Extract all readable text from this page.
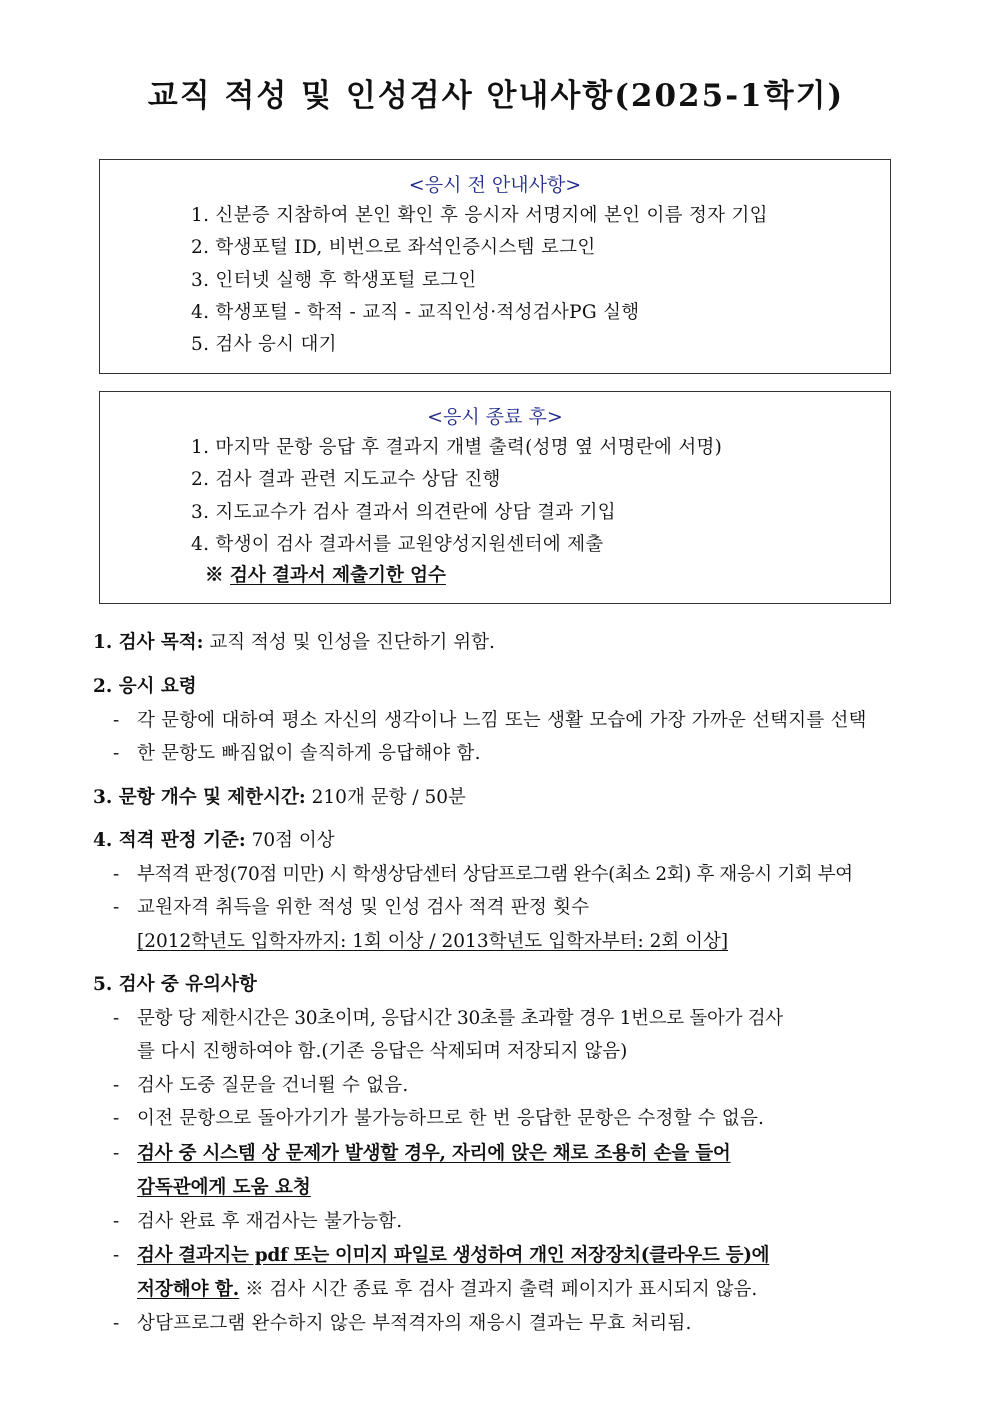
교직 적성 및 인성검사 안내사항(2025-1학기)
<응시 전 안내사항>
1. 신분증 지참하여 본인 확인 후 응시자 서명지에 본인 이름 정자 기입
2. 학생포털 ID, 비번으로 좌석인증시스템 로그인
3. 인터넷 실행 후 학생포털 로그인
4. 학생포털 - 학적 - 교직 - 교직인성·적성검사PG 실행
5. 검사 응시 대기
<응시 종료 후>
1. 마지막 문항 응답 후 결과지 개별 출력(성명 옆 서명란에 서명)
2. 검사 결과 관련 지도교수 상담 진행
3. 지도교수가 검사 결과서 의견란에 상담 결과 기입
4. 학생이 검사 결과서를 교원양성지원센터에 제출
※ 검사 결과서 제출기한 엄수
1. 검사 목적: 교직 적성 및 인성을 진단하기 위함.
2. 응시 요령
- 각 문항에 대하여 평소 자신의 생각이나 느낌 또는 생활 모습에 가장 가까운 선택지를 선택
- 한 문항도 빠짐없이 솔직하게 응답해야 함.
3. 문항 개수 및 제한시간: 210개 문항 / 50분
4. 적격 판정 기준: 70점 이상
- 부적격 판정(70점 미만) 시 학생상담센터 상담프로그램 완수(최소 2회) 후 재응시 기회 부여
- 교원자격 취득을 위한 적성 및 인성 검사 적격 판정 횟수
[2012학년도 입학자까지: 1회 이상 / 2013학년도 입학자부터: 2회 이상]
5. 검사 중 유의사항
- 문항 당 제한시간은 30초이며, 응답시간 30초를 초과할 경우 1번으로 돌아가 검사
를 다시 진행하여야 함.(기존 응답은 삭제되며 저장되지 않음)
- 검사 도중 질문을 건너뛸 수 없음.
- 이전 문항으로 돌아가기가 불가능하므로 한 번 응답한 문항은 수정할 수 없음.
- 검사 중 시스템 상 문제가 발생할 경우, 자리에 앉은 채로 조용히 손을 들어
감독관에게 도움 요청
- 검사 완료 후 재검사는 불가능함.
- 검사 결과지는 pdf 또는 이미지 파일로 생성하여 개인 저장장치(클라우드 등)에
저장해야 함. ※ 검사 시간 종료 후 검사 결과지 출력 페이지가 표시되지 않음.
- 상담프로그램 완수하지 않은 부적격자의 재응시 결과는 무효 처리됨.
